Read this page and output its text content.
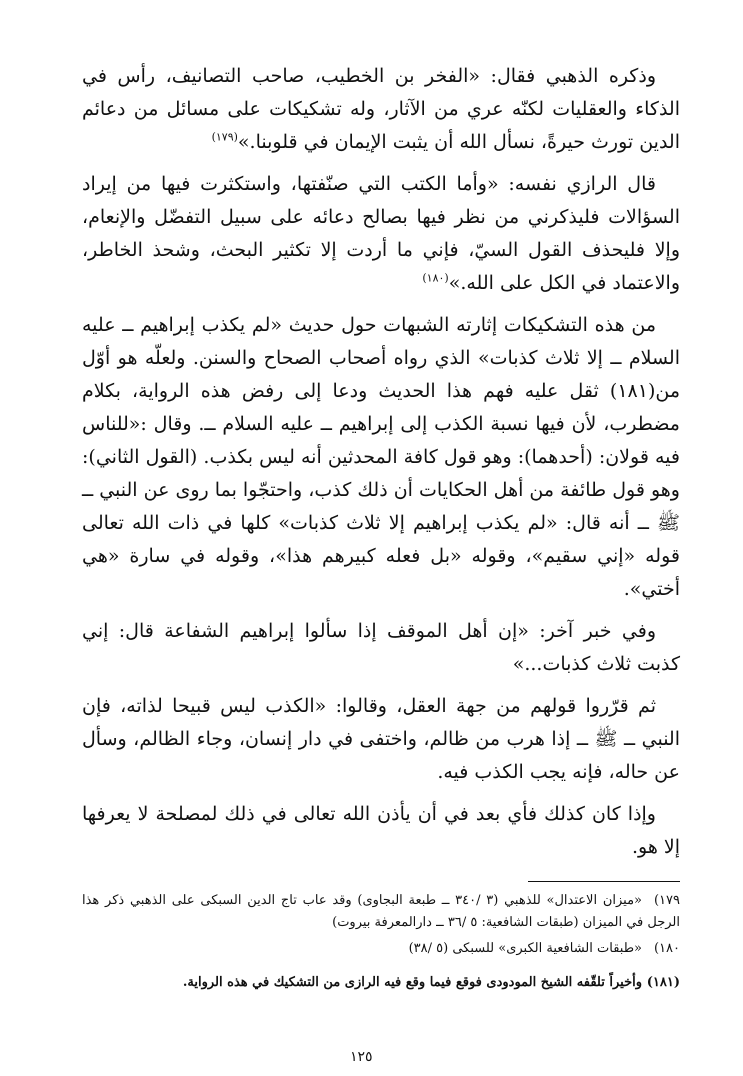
وذكره الذهبي فقال: «الفخر بن الخطيب، صاحب التصانيف، رأس في الذكاء والعقليات لكنّه عري من الآثار، وله تشكيكات على مسائل من دعائم الدين تورث حيرةً، نسأل الله أن يثبت الإيمان في قلوبنا.»$^{(١٧٩)}$

قال الرازي نفسه: «وأما الكتب التي صنّفتها، واستكثرت فيها من إيراد السؤالات فليذكرني من نظر فيها بصالح دعائه على سبيل التفضّل والإنعام، وإلا فليحذف القول السيّ، فإني ما أردت إلا تكثير البحث، وشحذ الخاطر، والاعتماد في الكل على الله.»$^{(١٨٠)}$

من هذه التشكيكات إثارته الشبهات حول حديث «لم يكذب إبراهيم ــ عليه السلام ــ إلا ثلاث كذبات» الذي رواه أصحاب الصحاح والسنن. ولعلّه هو أوّل من(١٨١) ثقل عليه فهم هذا الحديث ودعا إلى رفض هذه الرواية، بكلام مضطرب، لأن فيها نسبة الكذب إلى إبراهيم ــ عليه السلام ــ. وقال :«للناس فيه قولان: (أحدهما): وهو قول كافة المحدثين أنه ليس بكذب. (القول الثاني): وهو قول طائفة من أهل الحكايات أن ذلك كذب، واحتجّوا بما روى عن النبي ــ ﷺ ــ أنه قال: «لم يكذب إبراهيم إلا ثلاث كذبات» كلها في ذات الله تعالى قوله «إني سقيم»، وقوله «بل فعله كبيرهم هذا»، وقوله في سارة «هي أختي».

وفي خبر آخر: «إن أهل الموقف إذا سألوا إبراهيم الشفاعة قال: إني كذبت ثلاث كذبات...»

ثم قرّروا قولهم من جهة العقل، وقالوا: «الكذب ليس قبيحا لذاته، فإن النبي ــ ﷺ ــ إذا هرب من ظالم، واختفى في دار إنسان، وجاء الظالم، وسأل عن حاله، فإنه يجب الكذب فيه.

وإذا كان كذلك فأي بعد في أن يأذن الله تعالى في ذلك لمصلحة لا يعرفها إلا هو.

١٧٩)«ميزان الاعتدال» للذهبي (٣ /٣٤٠ ــ طبعة البجاوى) وقد عاب تاج الدين السبكى على الذهبي ذكر هذا الرجل في الميزان (طبقات الشافعية: ٥ /٣٦ ــ دارالمعرفة بيروت)

١٨٠)«طبقات الشافعية الكبرى» للسبكى (٥ /٣٨)

(١٨١)وأخيراً تلقّفه الشيخ المودودى فوقع فيما وقع فيه الرازى من التشكيك في هذه الرواية.

١٢٥
